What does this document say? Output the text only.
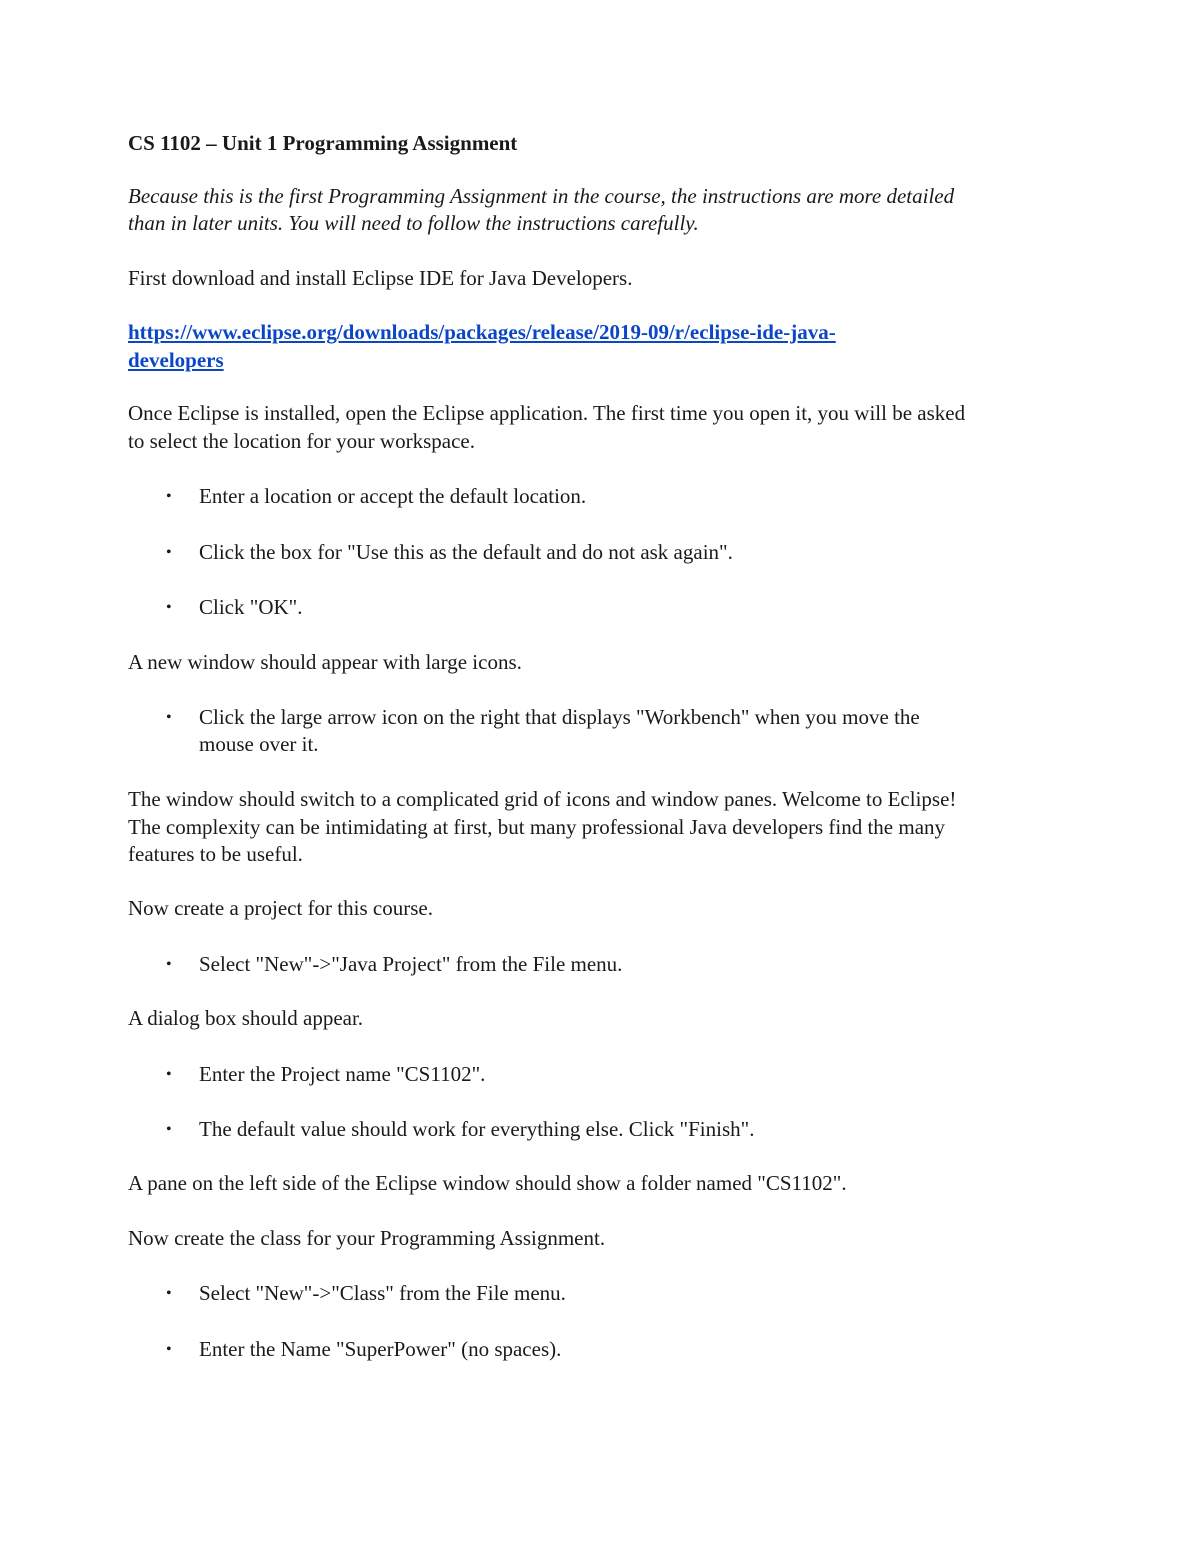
CS 1102 – Unit 1 Programming Assignment

Because this is the first Programming Assignment in the course, the instructions are more detailed

than in later units. You will need to follow the instructions carefully.

First download and install Eclipse IDE for Java Developers.

https://www.eclipse.org/downloads/packages/release/2019-09/r/eclipse-ide-java-
developers

Once Eclipse is installed, open the Eclipse application. The first time you open it, you will be asked

to select the location for your workspace.

• Enter a location or accept the default location.

• Click the box for "Use this as the default and do not ask again".

• Click "OK".

A new window should appear with large icons.

• Click the large arrow icon on the right that displays "Workbench" when you move the

mouse over it.

The window should switch to a complicated grid of icons and window panes. Welcome to Eclipse!

The complexity can be intimidating at first, but many professional Java developers find the many

features to be useful.

Now create a project for this course.

• Select "New"->"Java Project" from the File menu.

A dialog box should appear.

• Enter the Project name "CS1102".

• The default value should work for everything else. Click "Finish".

A pane on the left side of the Eclipse window should show a folder named "CS1102".

Now create the class for your Programming Assignment.

• Select "New"->"Class" from the File menu.

• Enter the Name "SuperPower" (no spaces).
